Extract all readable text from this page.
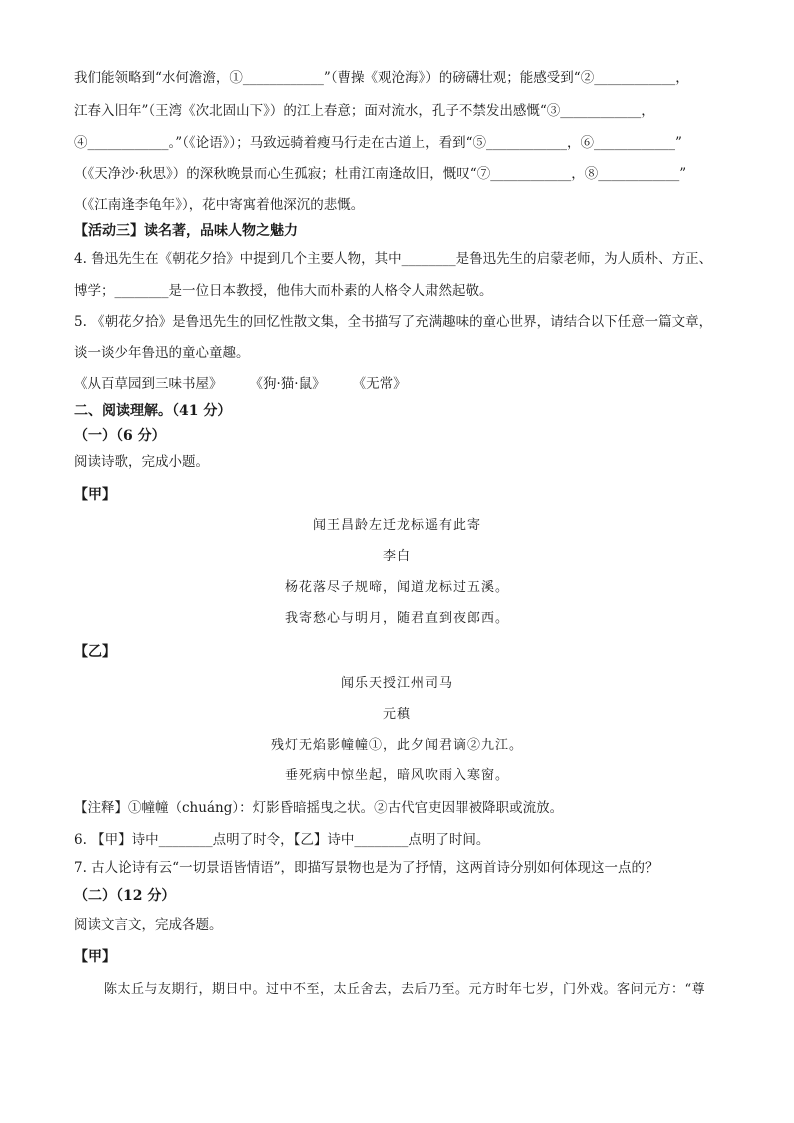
我们能领略到“水何澹澹，①____________”（曹操《观沧海》）的磅礴壮观；能感受到“②____________，
江春入旧年”（王湾《次北固山下》）的江上春意；面对流水，孔子不禁发出感慨“③____________，
④____________。”（《论语》）；马致远骑着瘦马行走在古道上，看到“⑤____________，⑥____________”
（《天净沙·秋思》）的深秋晚景而心生孤寂；杜甫江南逢故旧，慨叹“⑦____________，⑧____________”
（《江南逢李龟年》），花中寄寓着他深沉的悲慨。
【活动三】读名著，品味人物之魅力
4. 鲁迅先生在《朝花夕拾》中提到几个主要人物，其中________是鲁迅先生的启蒙老师，为人质朴、方正、
博学；________是一位日本教授，他伟大而朴素的人格令人肃然起敬。
5. 《朝花夕拾》是鲁迅先生的回忆性散文集，全书描写了充满趣味的童心世界，请结合以下任意一篇文章，
谈一谈少年鲁迅的童心童趣。
《从百草园到三味书屋》　　　《狗·猫·鼠》　　　《无常》
二、阅读理解。（41 分）
（一）（6 分）
阅读诗歌，完成小题。
【甲】
闻王昌龄左迁龙标遥有此寄
李白
杨花落尽子规啼，闻道龙标过五溪。
我寄愁心与明月，随君直到夜郎西。
【乙】
闻乐天授江州司马
元稹
残灯无焰影幢幢①，此夕闻君谪②九江。
垂死病中惊坐起，暗风吹雨入寒窗。
【注释】①幢幢（chuáng）：灯影昏暗摇曳之状。②古代官吏因罪被降职或流放。
6. 【甲】诗中________点明了时令，【乙】诗中________点明了时间。
7. 古人论诗有云“一切景语皆情语”，即描写景物也是为了抒情，这两首诗分别如何体现这一点的？
（二）（12 分）
阅读文言文，完成各题。
【甲】
陈太丘与友期行，期日中。过中不至，太丘舍去，去后乃至。元方时年七岁，门外戏。客问元方：“尊
